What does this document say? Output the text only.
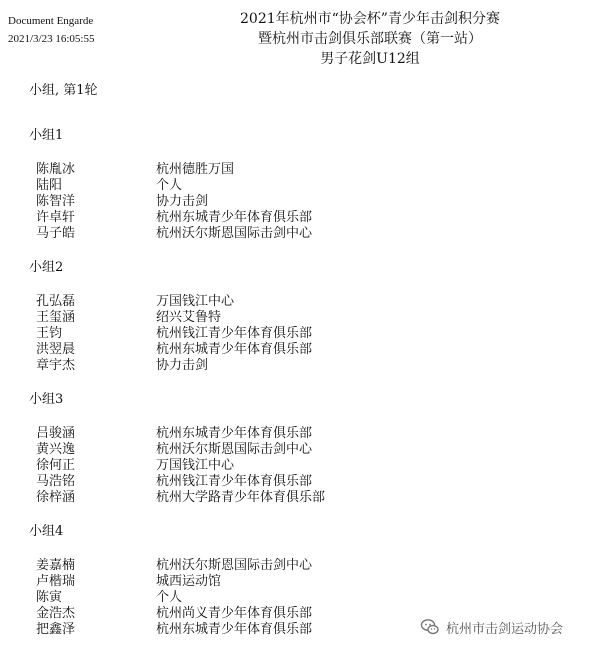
Document Engarde
2021/3/23 16:05:55
2021年杭州市“协会杯”青少年击剑积分赛
暨杭州市击剑俱乐部联赛（第一站）
男子花剑U12组
小组, 第1轮
小组1
陈胤冰	杭州德胜万国
陆阳	个人
陈智洋	协力击剑
许卓轩	杭州东城青少年体育俱乐部
马子皓	杭州沃尔斯恩国际击剑中心
小组2
孔弘磊	万国钱江中心
王玺涵	绍兴艾鲁特
王钧	杭州钱江青少年体育俱乐部
洪翌晨	杭州东城青少年体育俱乐部
章宇杰	协力击剑
小组3
吕骏涵	杭州东城青少年体育俱乐部
黄兴逸	杭州沃尔斯恩国际击剑中心
徐何正	万国钱江中心
马浩铭	杭州钱江青少年体育俱乐部
徐梓涵	杭州大学路青少年体育俱乐部
小组4
姜嘉楠	杭州沃尔斯恩国际击剑中心
卢楷瑞	城西运动馆
陈寅	个人
金浩杰	杭州尚义青少年体育俱乐部
把鑫泽	杭州东城青少年体育俱乐部	杭州市击剑运动协会
